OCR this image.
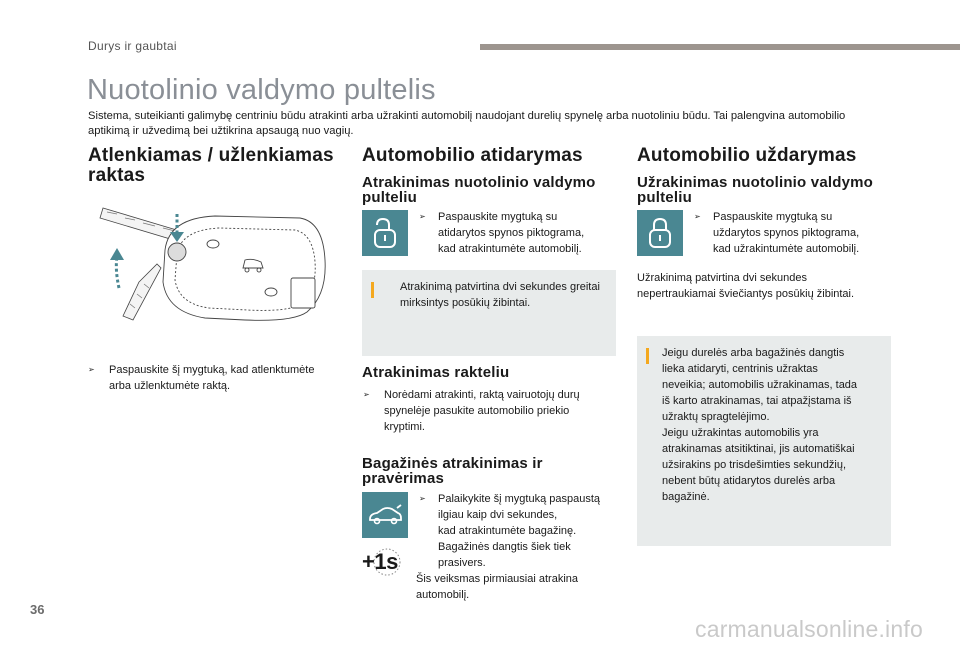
Durys ir gaubtai
Nuotolinio valdymo pultelis
Sistema, suteikianti galimybę centriniu būdu atrakinti arba užrakinti automobilį naudojant durelių spynelę arba nuotoliniu būdu. Tai palengvina automobilio aptikimą ir užvedimą bei užtikrina apsaugą nuo vagių.
Atlenkiamas / užlenkiamas
raktas
➢ Paspauskite šį mygtuką, kad atlenktumėte
arba užlenktumėte raktą.
Automobilio atidarymas
Atrakinimas nuotolinio valdymo
pulteliu
➢ Paspauskite mygtuką su
atidarytos spynos piktograma,
kad atrakintumėte automobilį.
Atrakinimą patvirtina dvi sekundes greitai
mirksintys posūkių žibintai.
Atrakinimas rakteliu
➢ Norėdami atrakinti, raktą vairuotojų durų
spynelėje pasukite automobilio priekio
kryptimi.
Bagažinės atrakinimas ir
pravėrimas
+1s
➢ Palaikykite šį mygtuką paspaustą
ilgiau kaip dvi sekundes,
kad atrakintumėte bagažinę.
Bagažinės dangtis šiek tiek
prasivers.
Šis veiksmas pirmiausiai atrakina
automobilį.
Automobilio uždarymas
Užrakinimas nuotolinio valdymo
pulteliu
➢ Paspauskite mygtuką su
uždarytos spynos piktograma,
kad užrakintumėte automobilį.
Užrakinimą patvirtina dvi sekundes
nepertraukiamai šviečiantys posūkių žibintai.
Jeigu durelės arba bagažinės dangtis
lieka atidaryti, centrinis užraktas
neveikia; automobilis užrakinamas, tada
iš karto atrakinamas, tai atpažįstama iš
užraktų spragtelėjimo.
Jeigu užrakintas automobilis yra
atrakinamas atsitiktinai, jis automatiškai
užsirakins po trisdešimties sekundžių,
nebent būtų atidarytos durelės arba
bagažinė.
36
carmanualsonline.info
